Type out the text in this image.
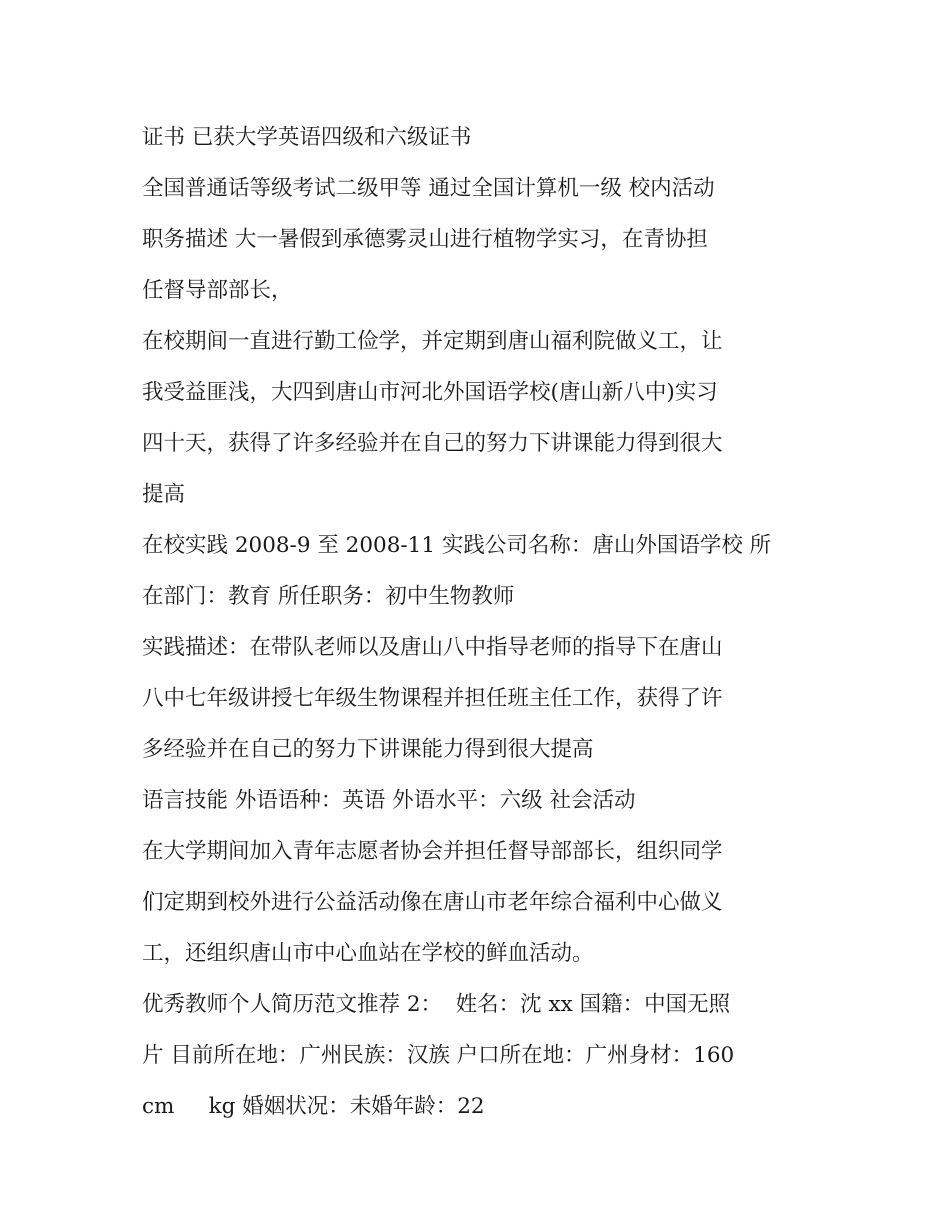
证书 已获大学英语四级和六级证书
全国普通话等级考试二级甲等 通过全国计算机一级 校内活动
职务描述 大一暑假到承德雾灵山进行植物学实习，在青协担
任督导部部长，
在校期间一直进行勤工俭学，并定期到唐山福利院做义工，让
我受益匪浅，大四到唐山市河北外国语学校(唐山新八中)实习
四十天，获得了许多经验并在自己的努力下讲课能力得到很大
提高
在校实践 2008-9 至 2008-11 实践公司名称：唐山外国语学校 所
在部门：教育 所任职务：初中生物教师
实践描述：在带队老师以及唐山八中指导老师的指导下在唐山
八中七年级讲授七年级生物课程并担任班主任工作，获得了许
多经验并在自己的努力下讲课能力得到很大提高
语言技能 外语语种：英语 外语水平：六级 社会活动
在大学期间加入青年志愿者协会并担任督导部部长，组织同学
们定期到校外进行公益活动像在唐山市老年综合福利中心做义
工，还组织唐山市中心血站在学校的鲜血活动。
优秀教师个人简历范文推荐 2：  姓名：沈 xx 国籍：中国无照
片 目前所在地：广州民族：汉族 户口所在地：广州身材：160
cm     kg 婚姻状况：未婚年龄：22
